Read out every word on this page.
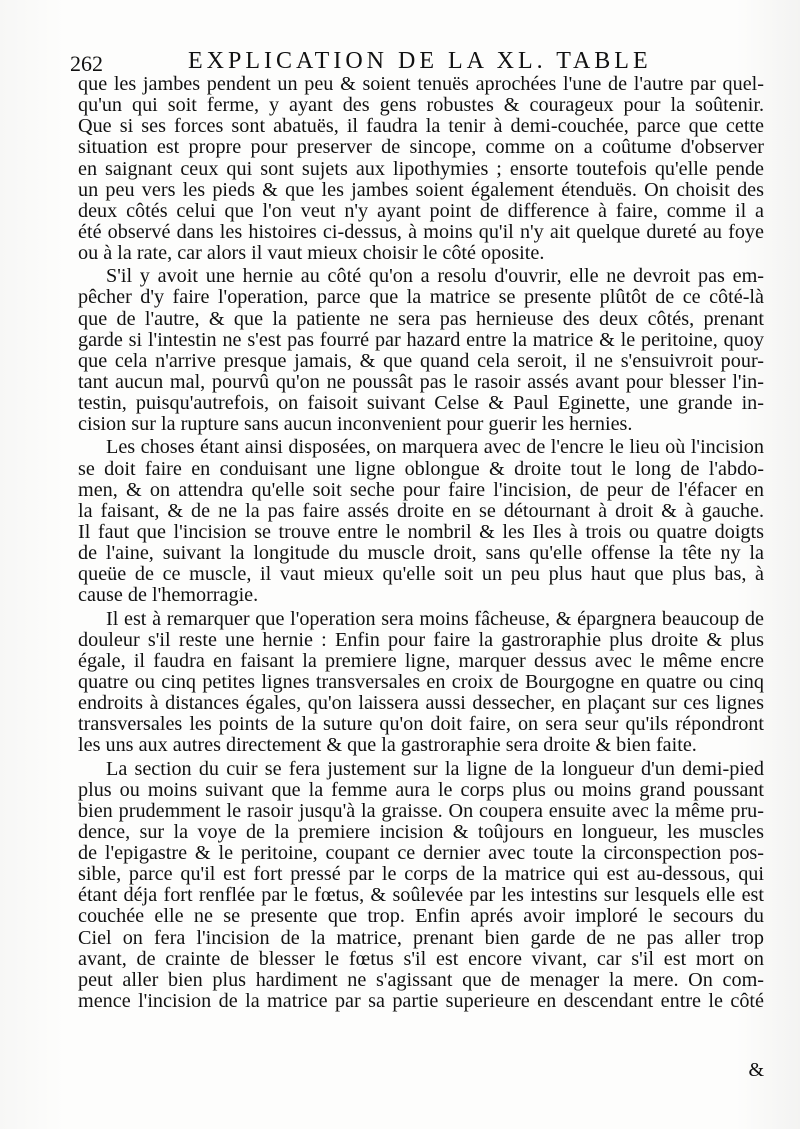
262	EXPLICATION DE LA XL. TABLE
que les jambes pendent un peu & soient tenuës aprochées l'une de l'autre par quel-
qu'un qui soit ferme, y ayant des gens robustes & courageux pour la soûtenir.
Que si ses forces sont abatuës, il faudra la tenir à demi-couchée, parce que cette
situation est propre pour preserver de sincope, comme on a coûtume d'observer
en saignant ceux qui sont sujets aux lipothymies ; ensorte toutefois qu'elle pende
un peu vers les pieds & que les jambes soient également étenduës. On choisit des
deux côtés celui que l'on veut n'y ayant point de difference à faire, comme il a
été observé dans les histoires ci-dessus, à moins qu'il n'y ait quelque dureté au foye
ou à la rate, car alors il vaut mieux choisir le côté oposite.
S'il y avoit une hernie au côté qu'on a resolu d'ouvrir, elle ne devroit pas em-
pêcher d'y faire l'operation, parce que la matrice se presente plûtôt de ce côté-là
que de l'autre, & que la patiente ne sera pas hernieuse des deux côtés, prenant
garde si l'intestin ne s'est pas fourré par hazard entre la matrice & le peritoine, quoy
que cela n'arrive presque jamais, & que quand cela seroit, il ne s'ensuivroit pour-
tant aucun mal, pourvû qu'on ne poussât pas le rasoir assés avant pour blesser l'in-
testin, puisqu'autrefois, on faisoit suivant Celse & Paul Eginette, une grande in-
cision sur la rupture sans aucun inconvenient pour guerir les hernies.
Les choses étant ainsi disposées, on marquera avec de l'encre le lieu où l'incision
se doit faire en conduisant une ligne oblongue & droite tout le long de l'abdo-
men, & on attendra qu'elle soit seche pour faire l'incision, de peur de l'éfacer en
la faisant, & de ne la pas faire assés droite en se détournant à droit & à gauche.
Il faut que l'incision se trouve entre le nombril & les Iles à trois ou quatre doigts
de l'aine, suivant la longitude du muscle droit, sans qu'elle offense la tête ny la
queüe de ce muscle, il vaut mieux qu'elle soit un peu plus haut que plus bas, à
cause de l'hemorragie.
Il est à remarquer que l'operation sera moins fâcheuse, & épargnera beaucoup de
douleur s'il reste une hernie : Enfin pour faire la gastroraphie plus droite & plus
égale, il faudra en faisant la premiere ligne, marquer dessus avec le même encre
quatre ou cinq petites lignes transversales en croix de Bourgogne en quatre ou cinq
endroits à distances égales, qu'on laissera aussi dessecher, en plaçant sur ces lignes
transversales les points de la suture qu'on doit faire, on sera seur qu'ils répondront
les uns aux autres directement & que la gastroraphie sera droite & bien faite.
La section du cuir se fera justement sur la ligne de la longueur d'un demi-pied
plus ou moins suivant que la femme aura le corps plus ou moins grand poussant
bien prudemment le rasoir jusqu'à la graisse. On coupera ensuite avec la même pru-
dence, sur la voye de la premiere incision & toûjours en longueur, les muscles
de l'epigastre & le peritoine, coupant ce dernier avec toute la circonspection pos-
sible, parce qu'il est fort pressé par le corps de la matrice qui est au-dessous, qui
étant déja fort renflée par le fœtus, & soûlevée par les intestins sur lesquels elle est
couchée elle ne se presente que trop. Enfin aprés avoir imploré le secours du
Ciel on fera l'incision de la matrice, prenant bien garde de ne pas aller trop
avant, de crainte de blesser le fœtus s'il est encore vivant, car s'il est mort on
peut aller bien plus hardiment ne s'agissant que de menager la mere. On com-
mence l'incision de la matrice par sa partie superieure en descendant entre le côté
&
